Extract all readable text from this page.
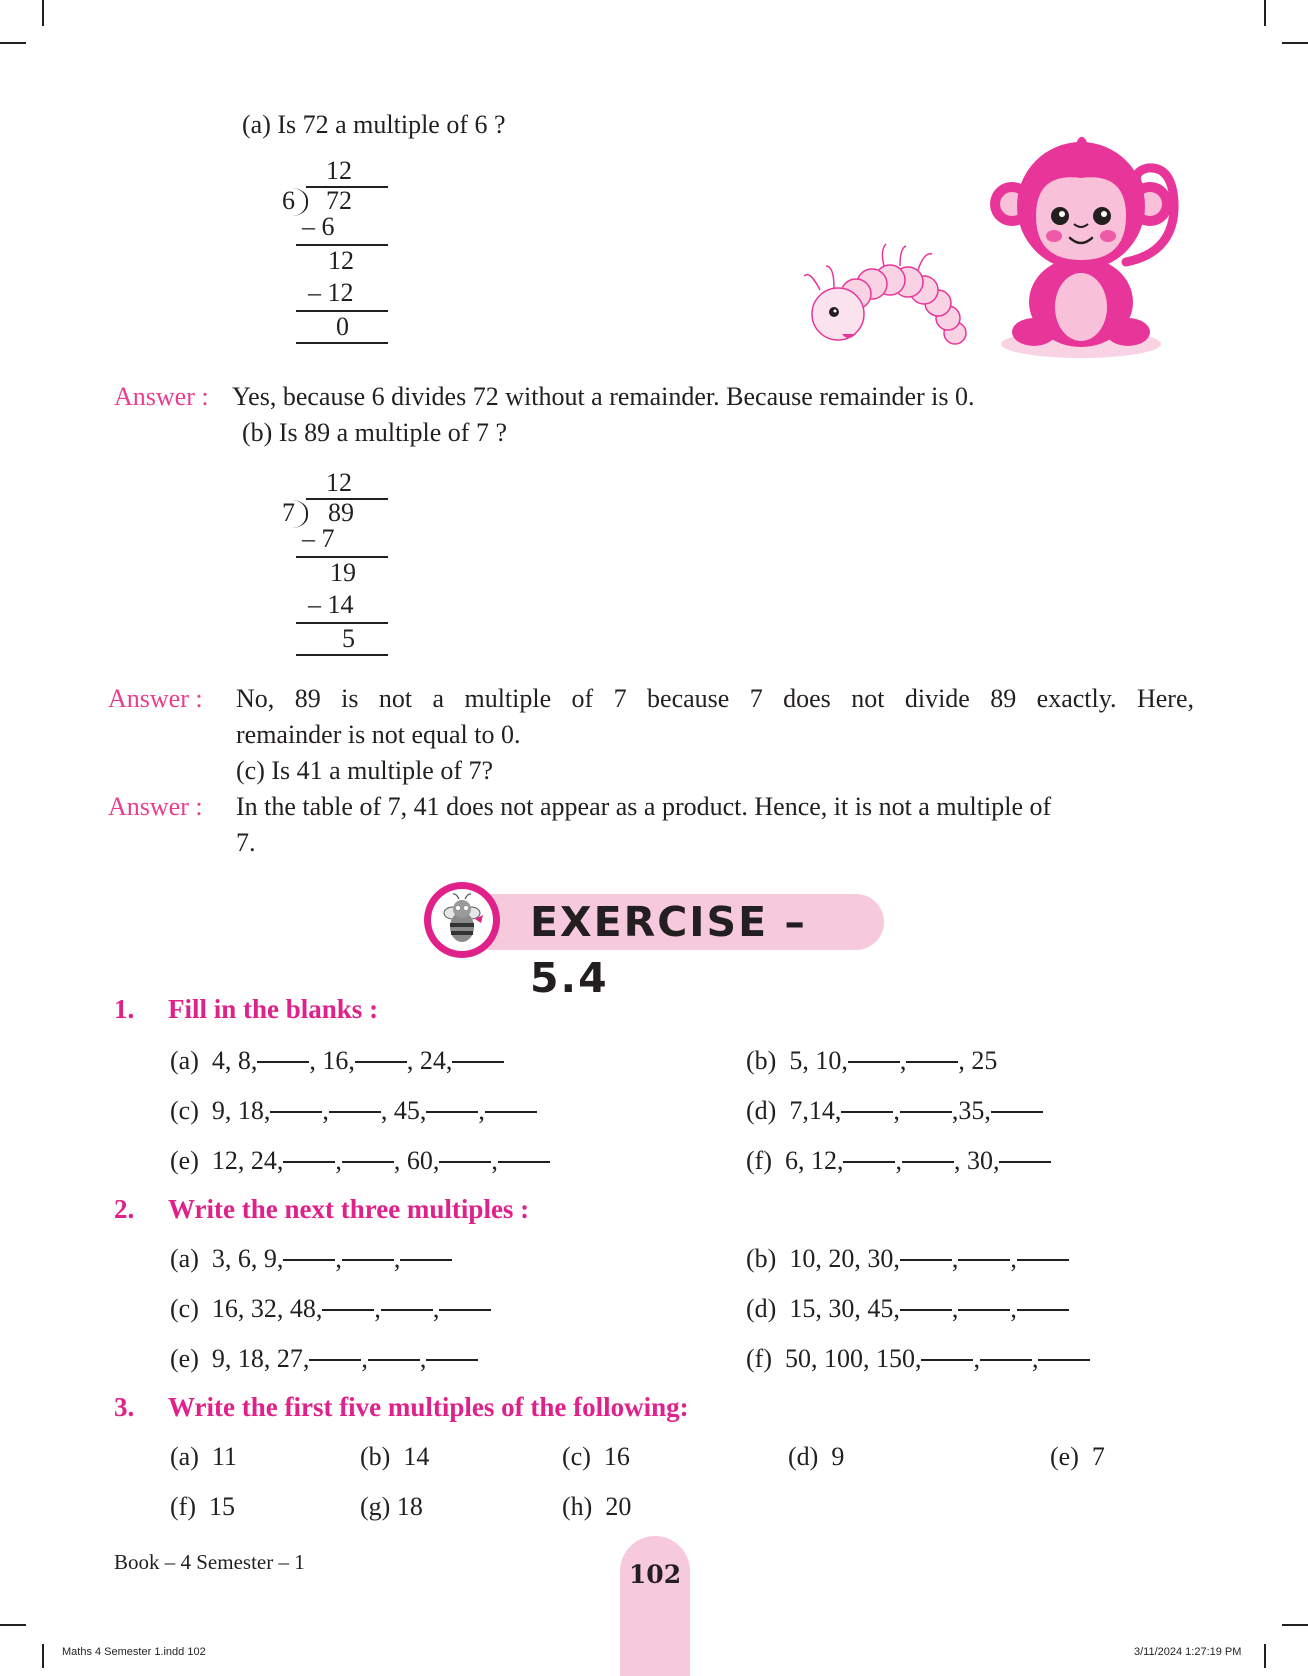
(a) Is 72 a multiple of 6 ?
12
6 72
– 6
12
– 12
0
Answer : Yes, because 6 divides 72 without a remainder. Because remainder is 0.
(b) Is 89 a multiple of 7 ?
12
7 89
– 7
19
– 14
5
Answer : No, 89 is not a multiple of 7 because 7 does not divide 89 exactly. Here,
remainder is not equal to 0.
(c) Is 41 a multiple of 7?
Answer : In the table of 7, 41 does not appear as a product. Hence, it is not a multiple of
7.
EXERCISE – 5.4
1. Fill in the blanks :
(a) 4, 8, , 16, , 24,	(b) 5, 10, , , 25
(c) 9, 18, , , 45, ,	(d) 7,14, , ,35,
(e) 12, 24, , , 60, ,	(f) 6, 12, , , 30,
2. Write the next three multiples :
(a) 3, 6, 9, , ,	(b) 10, 20, 30, , ,
(c) 16, 32, 48, , ,	(d) 15, 30, 45, , ,
(e) 9, 18, 27, , ,	(f) 50, 100, 150, , ,
3. Write the first five multiples of the following:
(a) 11	(b) 14	(c) 16	(d) 9	(e) 7
(f) 15	(g) 18	(h) 20
Book – 4 Semester – 1	102
Maths 4 Semester 1.indd 102	3/11/2024 1:27:19 PM
